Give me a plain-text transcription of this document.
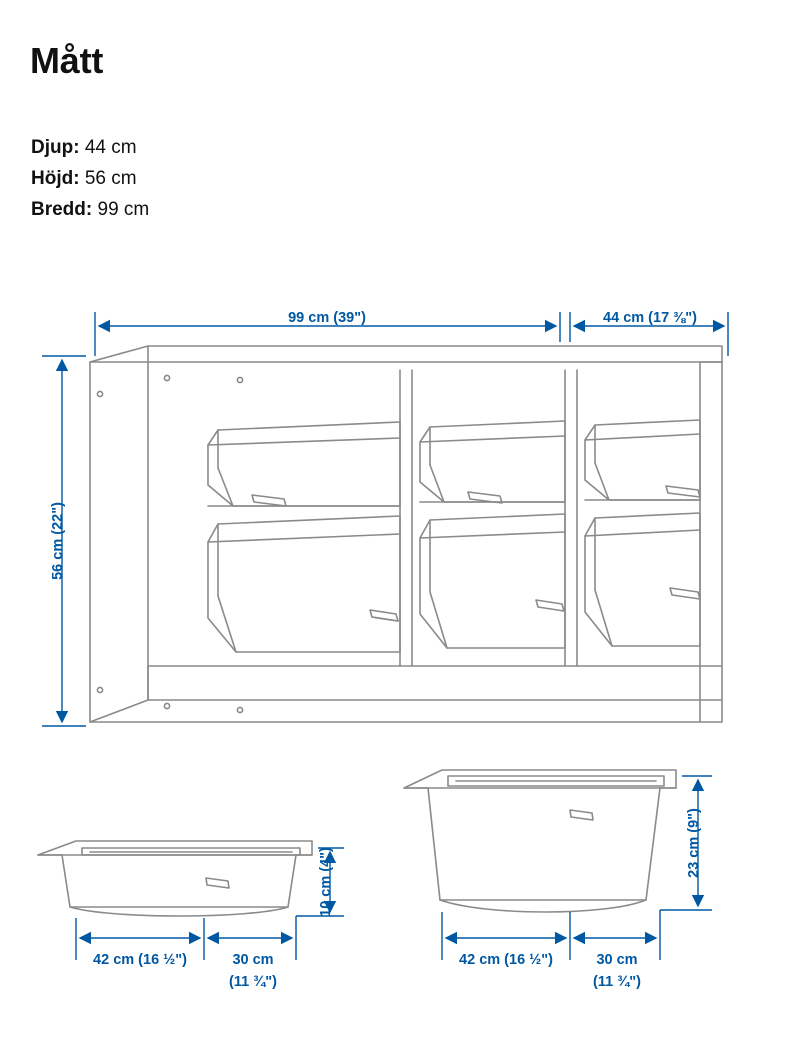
Mått
Djup: 44 cm
Höjd: 56 cm
Bredd: 99 cm
99 cm (39")	44 cm (17 ⅜")
56 cm (22")
10 cm (4")
42 cm (16 ½")	30 cm
(11 ¾")
23 cm (9")
42 cm (16 ½")	30 cm
(11 ¾")
